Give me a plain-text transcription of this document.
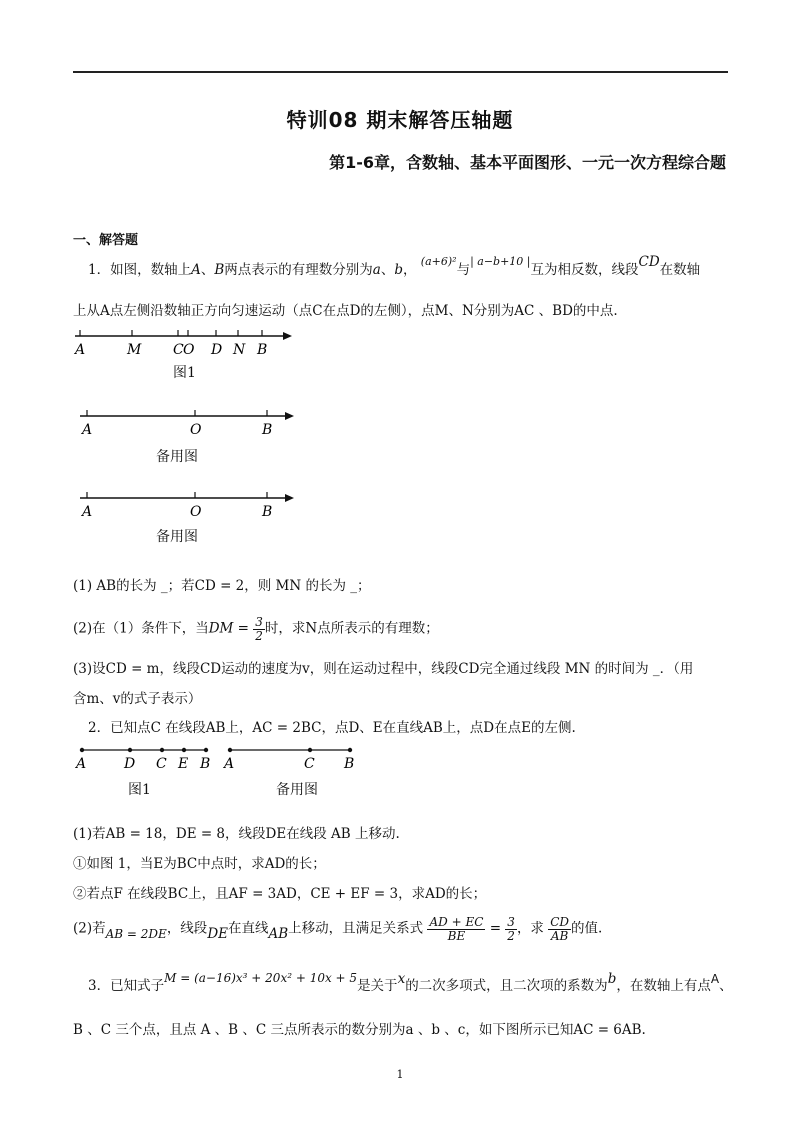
特训08 期末解答压轴题
第1-6章，含数轴、基本平面图形、一元一次方程综合题
一、解答题
1．如图，数轴上A、B两点表示的有理数分别为a、b， $^{(a+6)^2}$与$^{| a-b+10 |}$互为相反数，线段CD在数轴
上从A点左侧沿数轴正方向匀速运动（点C在点D的左侧），点M、N分别为AC 、BD的中点.
A	M C O D N B
图1
A	O	B
备用图
A	O	B
备用图
(1) AB的长为 _；若CD = 2，则 MN 的长为 _；
(2)在（1）条件下，当DM = $\frac{3}{2}$ 时，求N点所表示的有理数；
(3)设CD = m，线段CD运动的速度为v，则在运动过程中，线段CD完全通过线段 MN 的时间为 _．（用
含m、v的式子表示）
2．已知点C 在线段AB上，AC = 2BC，点D、E在直线AB上，点D在点E的左侧.
A	D C E B
图1
A	C B
备用图
(1)若AB = 18，DE = 8，线段DE在线段 AB 上移动.
①如图 1，当E为BC中点时，求AD的长；
②若点F 在线段BC上，且AF = 3AD，CE + EF = 3，求AD的长；
(2)若AB = 2DE，线段DE在直线AB上移动，且满足关系式 $\frac{AD + EC}{BE} = \frac{3}{2}$ ，求 $\frac{CD}{AB}$ 的值.
3．已知式子M = (a−16)x³ + 20x² + 10x + 5是关于x的二次多项式，且二次项的系数为b，在数轴上有点A、
B 、C 三个点，且点 A 、B 、C 三点所表示的数分别为a 、b 、c，如下图所示已知AC = 6AB.
1
